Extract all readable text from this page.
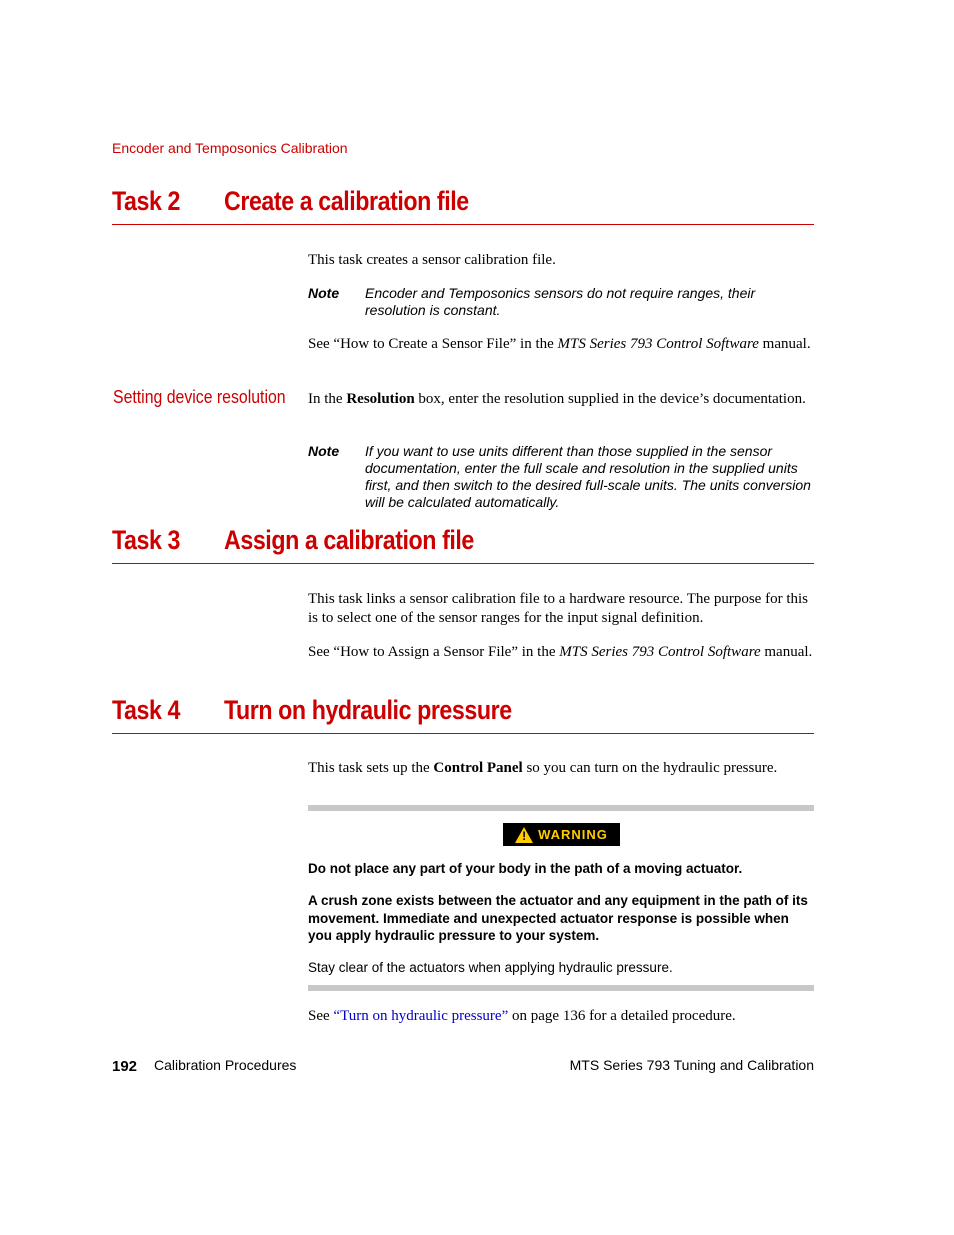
Encoder and Temposonics Calibration
Task 2 Create a calibration file
This task creates a sensor calibration file.
Note Encoder and Temposonics sensors do not require ranges, their resolution is constant.
See “How to Create a Sensor File” in the MTS Series 793 Control Software manual.
Setting device resolution In the Resolution box, enter the resolution supplied in the device’s documentation.
Note If you want to use units different than those supplied in the sensor documentation, enter the full scale and resolution in the supplied units first, and then switch to the desired full-scale units. The units conversion will be calculated automatically.
Task 3 Assign a calibration file
This task links a sensor calibration file to a hardware resource. The purpose for this is to select one of the sensor ranges for the input signal definition.
See “How to Assign a Sensor File” in the MTS Series 793 Control Software manual.
Task 4 Turn on hydraulic pressure
This task sets up the Control Panel so you can turn on the hydraulic pressure.
! WARNING
Do not place any part of your body in the path of a moving actuator.
A crush zone exists between the actuator and any equipment in the path of its movement. Immediate and unexpected actuator response is possible when you apply hydraulic pressure to your system.
Stay clear of the actuators when applying hydraulic pressure.
See “Turn on hydraulic pressure” on page 136 for a detailed procedure.
192 Calibration Procedures	MTS Series 793 Tuning and Calibration
